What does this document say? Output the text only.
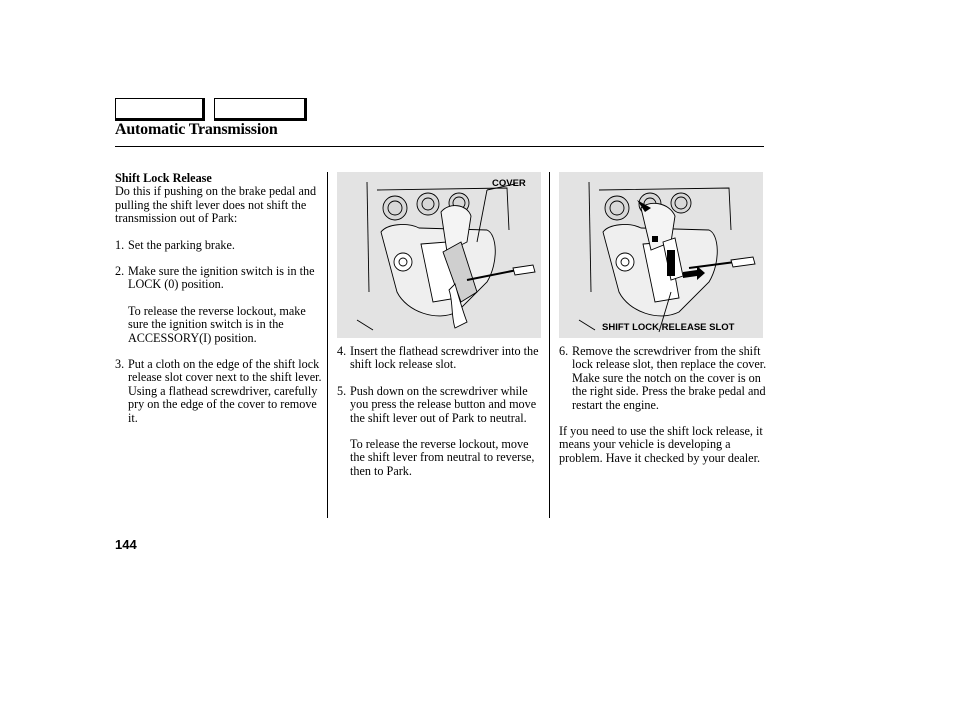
Automatic Transmission

Shift Lock Release

Do this if pushing on the brake pedal and pulling the shift lever does not shift the transmission out of Park:

1. Set the parking brake.

2. Make sure the ignition switch is in the LOCK (0) position.

To release the reverse lockout, make sure the ignition switch is in the ACCESSORY(I) position.

3. Put a cloth on the edge of the shift lock release slot cover next to the shift lever. Using a flathead screwdriver, carefully pry on the edge of the cover to remove it.

COVER

4. Insert the flathead screwdriver into the shift lock release slot.

5. Push down on the screwdriver while you press the release button and move the shift lever out of Park to neutral.

To release the reverse lockout, move the shift lever from neutral to reverse, then to Park.

SHIFT LOCK RELEASE SLOT

6. Remove the screwdriver from the shift lock release slot, then replace the cover. Make sure the notch on the cover is on the right side. Press the brake pedal and restart the engine.

If you need to use the shift lock release, it means your vehicle is developing a problem. Have it checked by your dealer.

144
